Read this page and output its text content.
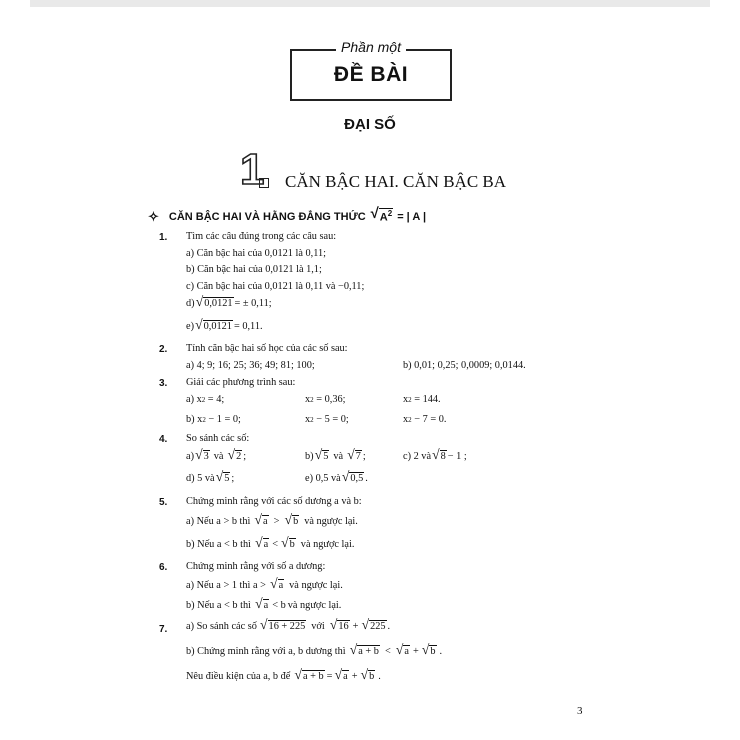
Phần một
ĐỀ BÀI
ĐẠI SỐ
1 CĂN BẬC HAI. CĂN BẬC BA
✧ CĂN BẬC HAI VÀ HẰNG ĐẲNG THỨC √ $A^2$ = | A |
1. Tìm các câu đúng trong các câu sau:
a) Căn bậc hai của 0,0121 là 0,11;
b) Căn bậc hai của 0,0121 là 1,1;
c) Căn bậc hai của 0,0121 là 0,11 và −0,11;
d) √ 0,0121 = ± 0,11;
e) √ 0,0121 = 0,11.
2. Tính căn bậc hai số học của các số sau:
a) 4; 9; 16; 25; 36; 49; 81; 100;	b) 0,01; 0,25; 0,0009; 0,0144.
3. Giải các phương trình sau:
a) x 2 = 4;	x 2 = 0,36;	x 2 = 144.
b) x 2 − 1 = 0;	x 2 − 5 = 0;	x 2 − 7 = 0.
4. So sánh các số:
a) √ 3 và √ 2 ;	b) √ 5 và √ 7 ;	c) 2 và √ 8 − 1 ;
d) 5 và √ 5 ;	e) 0,5 và √ 0,5 .
5. Chứng minh rằng với các số dương a và b:
a) Nếu a > b thì √ a > √ b và ngược lại.
b) Nếu a < b thì √ a < √ b và ngược lại.
6. Chứng minh rằng với số a dương:
a) Nếu a > 1 thì a > √ a và ngược lại.
b) Nếu a < b thì √ a < b và ngược lại.
7. a) So sánh các số √ 16 + 225 với √ 16 + √ 225 .
b) Chứng minh rằng với a, b dương thì √ a + b < √ a + √ b .
Nêu điều kiện của a, b để √ a + b = √ a + √ b .
3
